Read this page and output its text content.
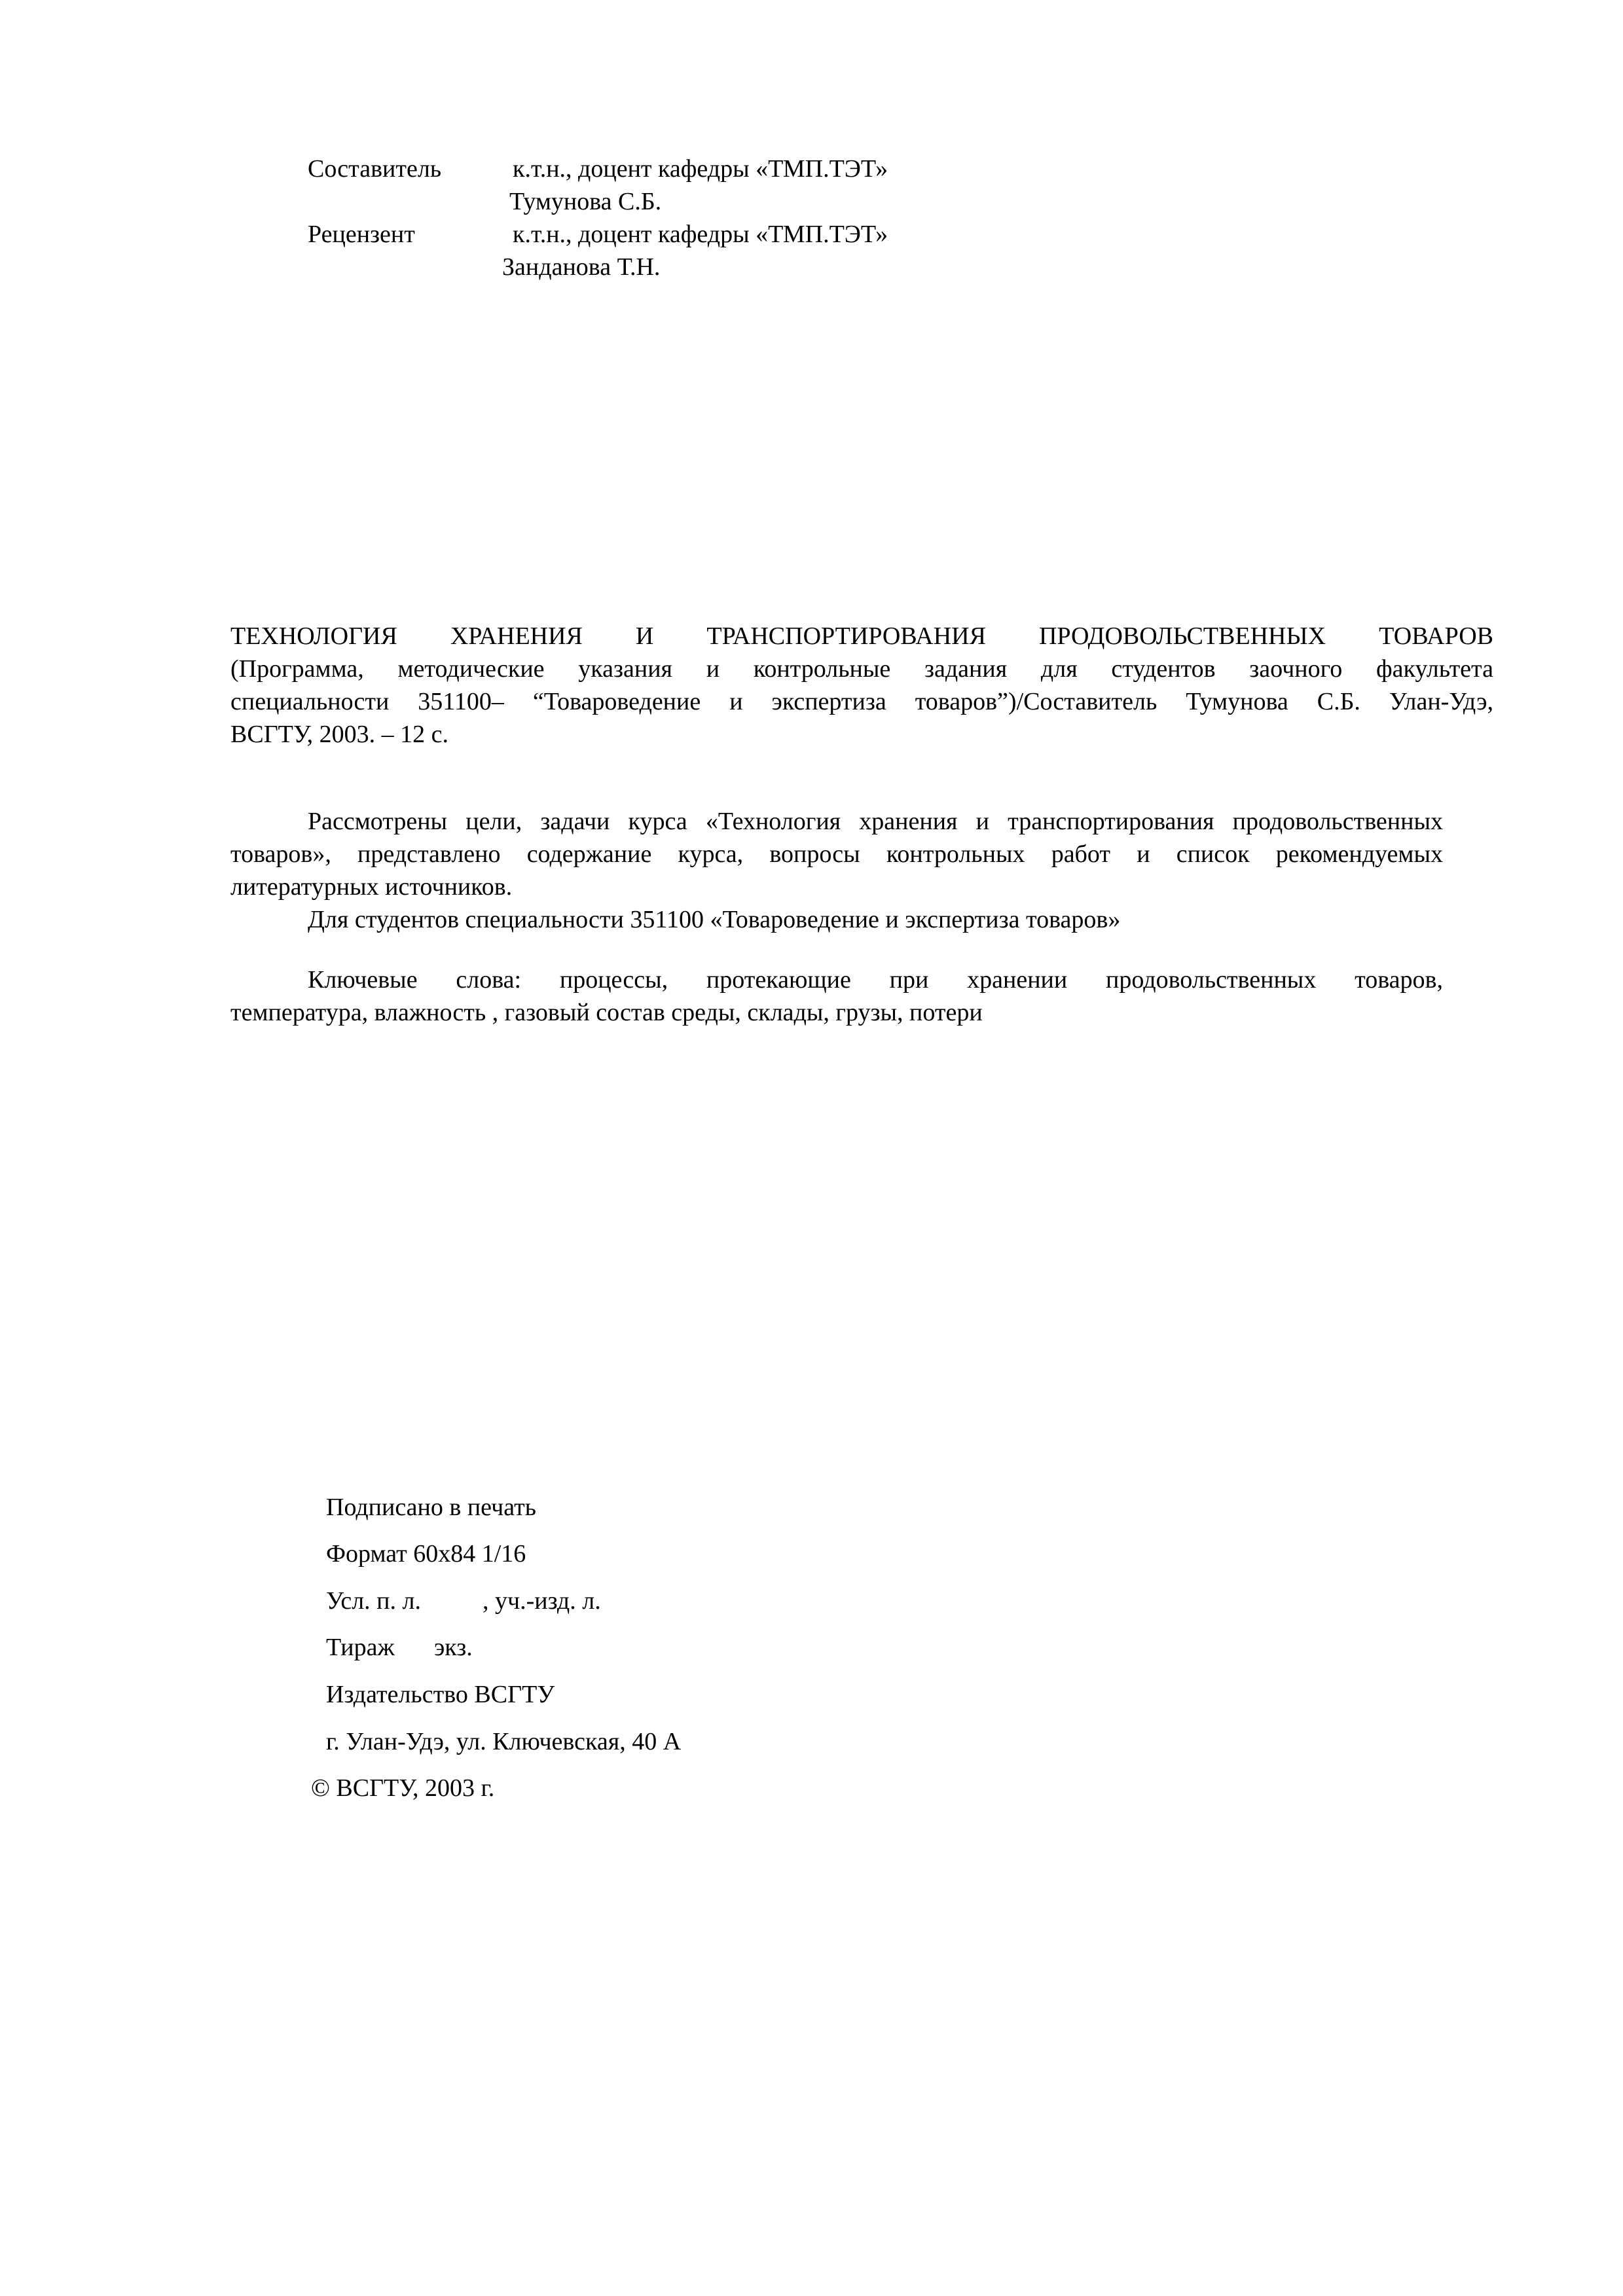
Составитель	к.т.н., доцент кафедры «ТМП.ТЭТ»
Тумунова С.Б.
Рецензент	к.т.н., доцент кафедры «ТМП.ТЭТ»
Занданова Т.Н.
ТЕХНОЛОГИЯ ХРАНЕНИЯ И ТРАНСПОРТИРОВАНИЯ ПРОДОВОЛЬСТВЕННЫХ ТОВАРОВ
(Программа, методические указания и контрольные задания для студентов заочного факультета
специальности 351100– “Товароведение и экспертиза товаров”)/Составитель Тумунова С.Б. Улан-Удэ,
ВСГТУ, 2003. – 12 с.
Рассмотрены цели, задачи курса «Технология хранения и транспортирования продовольственных
товаров», представлено содержание курса, вопросы контрольных работ и список рекомендуемых
литературных источников.
Для студентов специальности 351100 «Товароведение и экспертиза товаров»
Ключевые слова: процессы, протекающие при хранении продовольственных товаров,
температура, влажность , газовый состав среды, склады, грузы, потери
Подписано в печать
Формат 60х84 1/16
Усл. п. л. , уч.-изд. л.
Тираж экз.
Издательство ВСГТУ
г. Улан-Удэ, ул. Ключевская, 40 А
© ВСГТУ, 2003 г.
